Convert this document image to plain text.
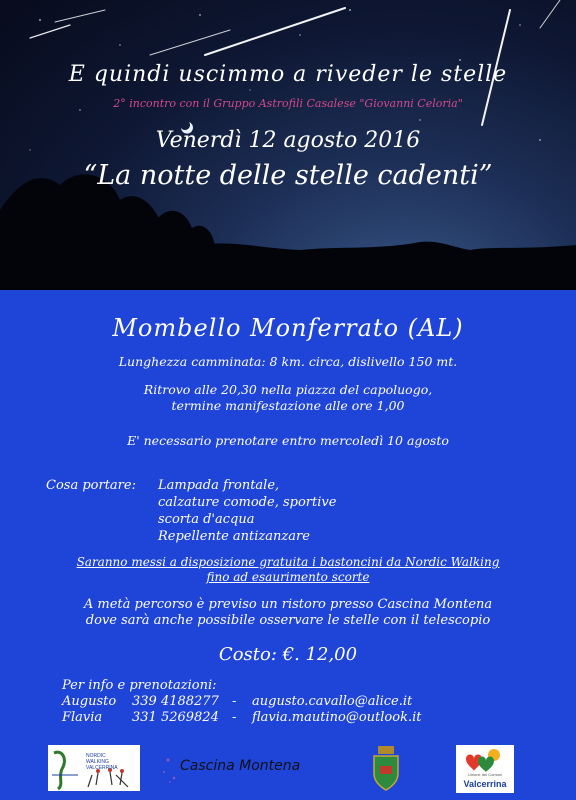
E quindi uscimmo a riveder le stelle

2° incontro con il Gruppo Astrofili Casalese "Giovanni Celoria"

Venerdì 12 agosto 2016

“La notte delle stelle cadenti”

Mombello Monferrato (AL)

Lunghezza camminata: 8 km. circa, dislivello 150 mt.

Ritrovo alle 20,30 nella piazza del capoluogo,

termine manifestazione alle ore 1,00

E' necessario prenotare entro mercoledì 10 agosto

Cosa portare: Lampada frontale,
calzature comode, sportive
scorta d'acqua
Repellente antizanzare

Saranno messi a disposizione gratuita i bastoncini da Nordic Walking

fino ad esaurimento scorte

A metà percorso è previso un ristoro presso Cascina Montena

dove sarà anche possibile osservare le stelle con il telescopio

Costo: €. 12,00

Per info e prenotazioni:
Augusto 339 4188277 - augusto.cavallo@alice.it
Flavia 331 5269824 - flavia.mautino@outlook.it
NORDIC
WALKING
VALCERRINA	Cascina Montena
Unione dei Comuni
Valcerrina
